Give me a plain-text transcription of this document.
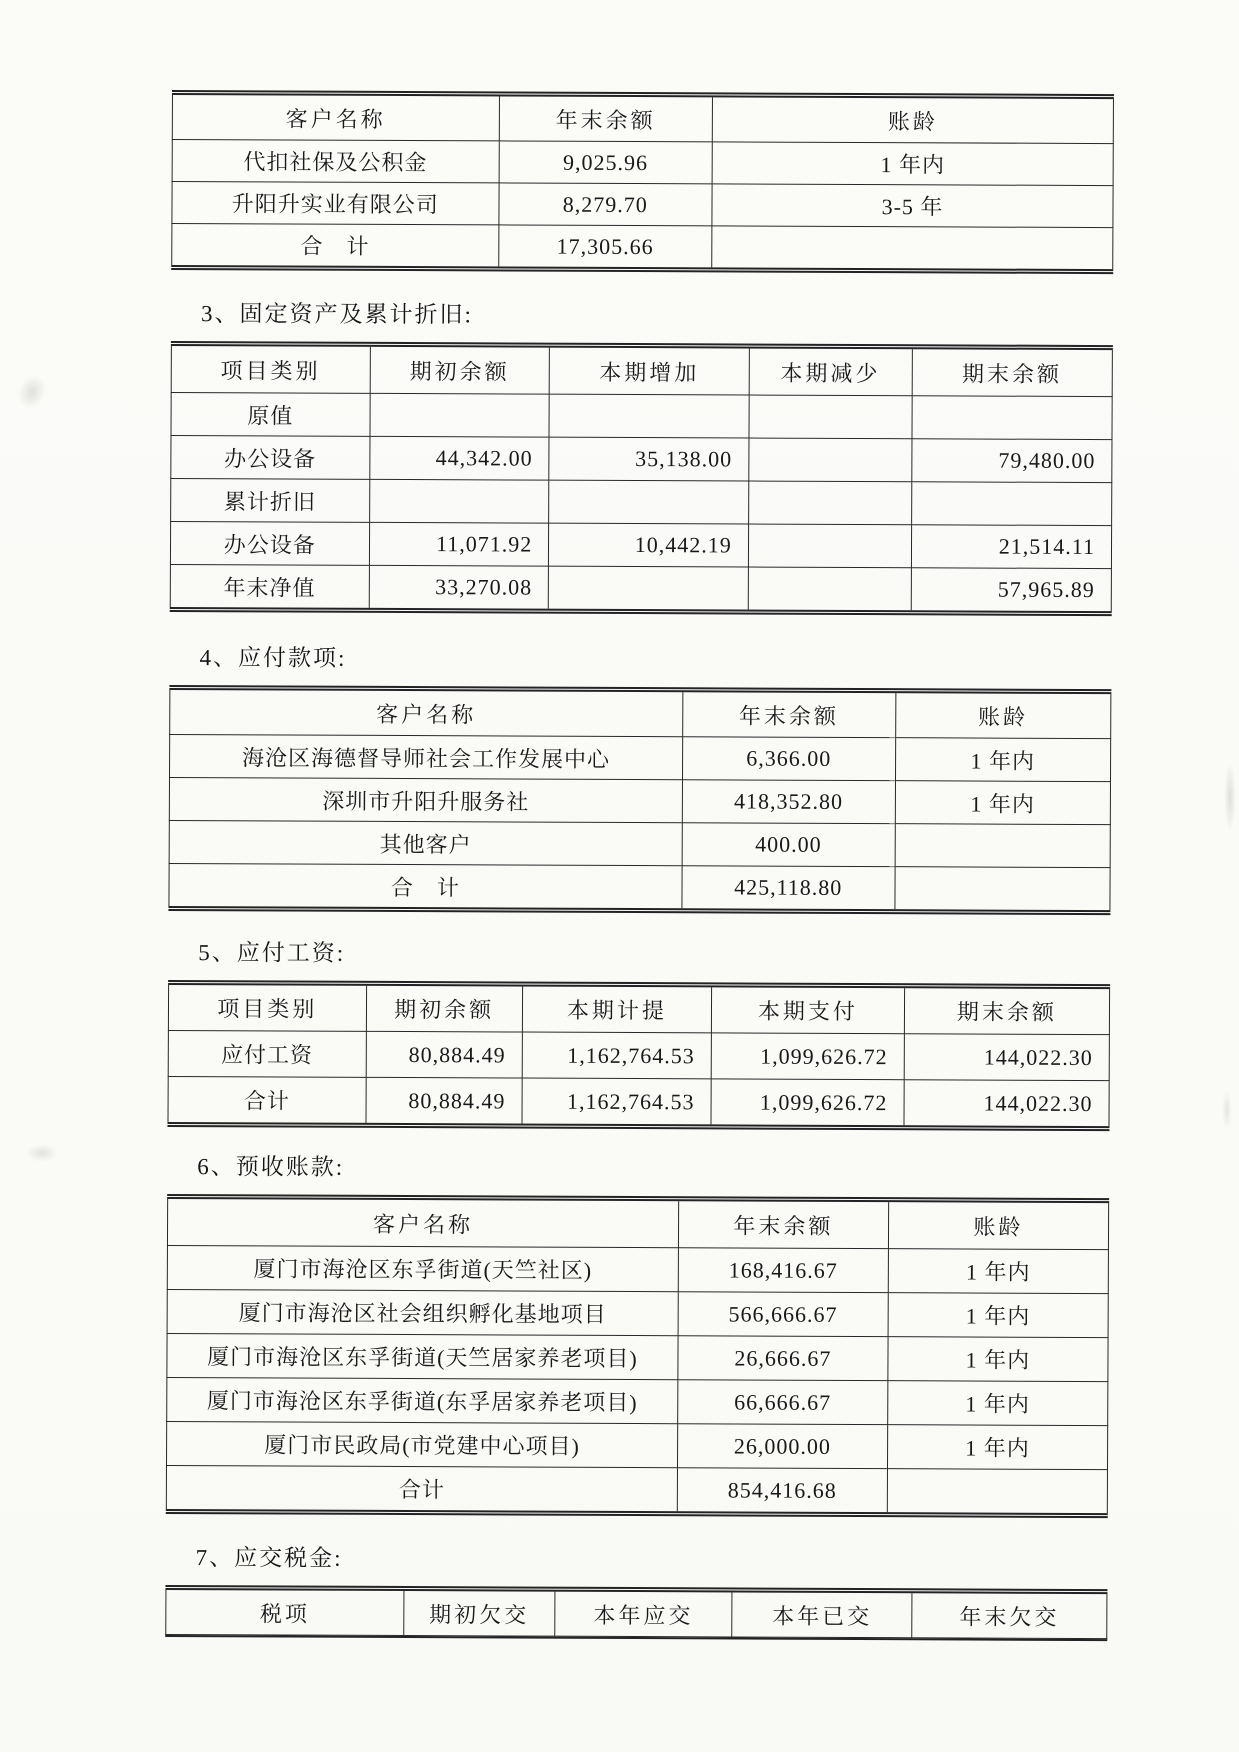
客户名称	年末余额	账龄
代扣社保及公积金	9,025.96	1 年内
升阳升实业有限公司	8,279.70	3-5 年
合　计	17,305.66	
3、固定资产及累计折旧:
项目类别	期初余额	本期增加	本期减少	期末余额
原值				
办公设备	44,342.00	35,138.00		79,480.00
累计折旧				
办公设备	11,071.92	10,442.19		21,514.11
年末净值	33,270.08			57,965.89
4、应付款项:
客户名称	年末余额	账龄
海沧区海德督导师社会工作发展中心	6,366.00	1 年内
深圳市升阳升服务社	418,352.80	1 年内
其他客户	400.00	
合　计	425,118.80	
5、应付工资:
项目类别	期初余额	本期计提	本期支付	期末余额
应付工资	80,884.49	1,162,764.53	1,099,626.72	144,022.30
合计	80,884.49	1,162,764.53	1,099,626.72	144,022.30
6、预收账款:
客户名称	年末余额	账龄
厦门市海沧区东孚街道(天竺社区)	168,416.67	1 年内
厦门市海沧区社会组织孵化基地项目	566,666.67	1 年内
厦门市海沧区东孚街道(天竺居家养老项目)	26,666.67	1 年内
厦门市海沧区东孚街道(东孚居家养老项目)	66,666.67	1 年内
厦门市民政局(市党建中心项目)	26,000.00	1 年内
合计	854,416.68	
7、应交税金:
税项	期初欠交	本年应交	本年已交	年末欠交
